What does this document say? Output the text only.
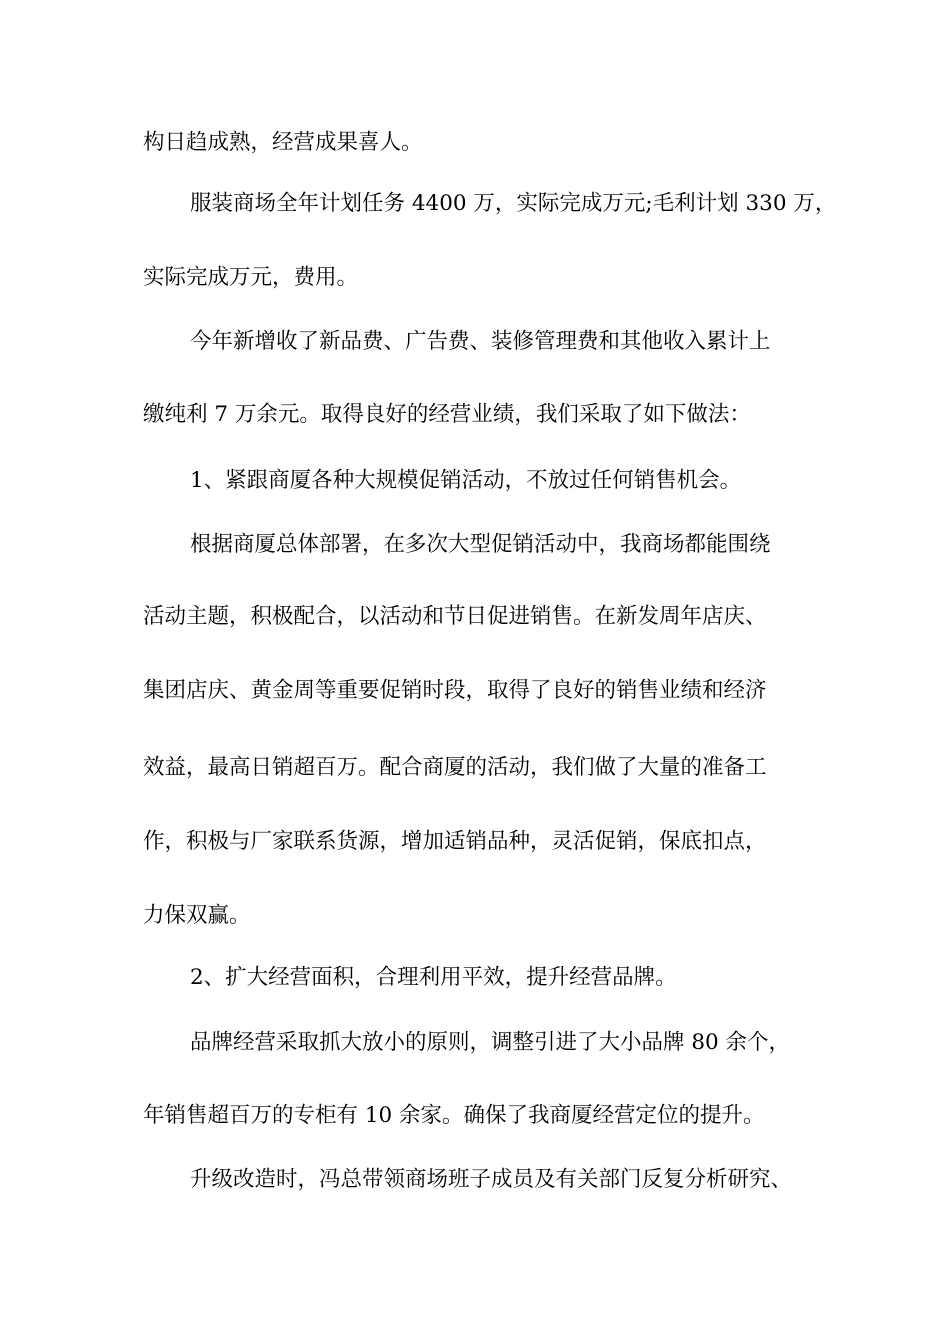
构日趋成熟，经营成果喜人。
服装商场全年计划任务 4400 万，实际完成万元;毛利计划 330 万，
实际完成万元，费用。
今年新增收了新品费、广告费、装修管理费和其他收入累计上
缴纯利 7 万余元。取得良好的经营业绩，我们采取了如下做法：
1、紧跟商厦各种大规模促销活动，不放过任何销售机会。
根据商厦总体部署，在多次大型促销活动中，我商场都能围绕
活动主题，积极配合，以活动和节日促进销售。在新发周年店庆、
集团店庆、黄金周等重要促销时段，取得了良好的销售业绩和经济
效益，最高日销超百万。配合商厦的活动，我们做了大量的准备工
作，积极与厂家联系货源，增加适销品种，灵活促销，保底扣点，
力保双赢。
2、扩大经营面积，合理利用平效，提升经营品牌。
品牌经营采取抓大放小的原则，调整引进了大小品牌 80 余个，
年销售超百万的专柜有 10 余家。确保了我商厦经营定位的提升。
升级改造时，冯总带领商场班子成员及有关部门反复分析研究、
